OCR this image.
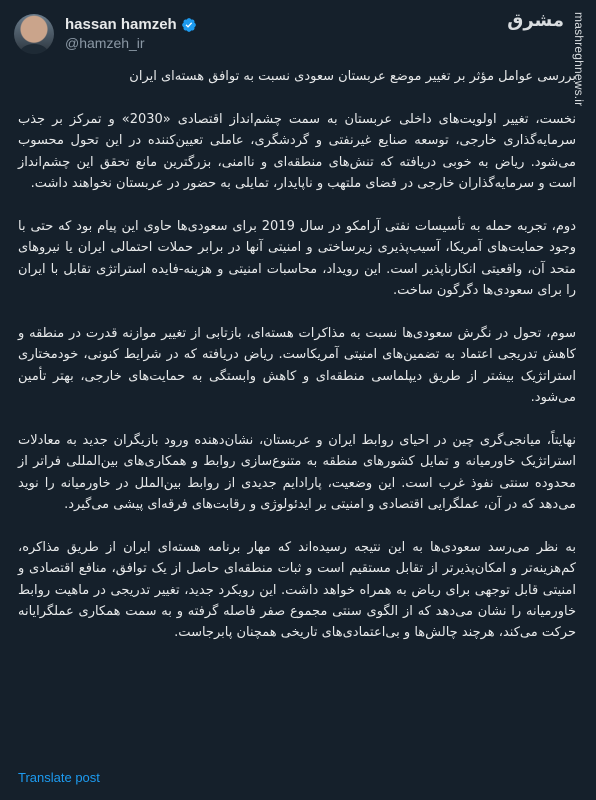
hassan hamzeh
@hamzeh_ir
مشرق mashreghnews.ir

بررسی عوامل مؤثر بر تغییر موضع عربستان سعودی نسبت به توافق هسته‌ای ایران

نخست، تغییر اولویت‌های داخلی عربستان به سمت چشم‌انداز اقتصادی «2030» و تمرکز بر جذب سرمایه‌گذاری خارجی، توسعه صنایع غیرنفتی و گردشگری، عاملی تعیین‌کننده در این تحول محسوب می‌شود. ریاض به خوبی دریافته که تنش‌های منطقه‌ای و ناامنی، بزرگترین مانع تحقق این چشم‌انداز است و سرمایه‌گذاران خارجی در فضای ملتهب و ناپایدار، تمایلی به حضور در عربستان نخواهند داشت.

دوم، تجربه حمله به تأسیسات نفتی آرامکو در سال 2019 برای سعودی‌ها حاوی این پیام بود که حتی با وجود حمایت‌های آمریکا، آسیب‌پذیری زیرساختی و امنیتی آنها در برابر حملات احتمالی ایران یا نیروهای متحد آن، واقعیتی انکارناپذیر است. این رویداد، محاسبات امنیتی و هزینه-فایده استراتژی تقابل با ایران را برای سعودی‌ها دگرگون ساخت.

سوم، تحول در نگرش سعودی‌ها نسبت به مذاکرات هسته‌ای، بازتابی از تغییر موازنه قدرت در منطقه و کاهش تدریجی اعتماد به تضمین‌های امنیتی آمریکاست. ریاض دریافته که در شرایط کنونی، خودمختاری استراتژیک بیشتر از طریق دیپلماسی منطقه‌ای و کاهش وابستگی به حمایت‌های خارجی، بهتر تأمین می‌شود.

نهایتاً، میانجی‌گری چین در احیای روابط ایران و عربستان، نشان‌دهنده ورود بازیگران جدید به معادلات استراتژیک خاورمیانه و تمایل کشورهای منطقه به متنوع‌سازی روابط و همکاری‌های بین‌المللی فراتر از محدوده سنتی نفوذ غرب است. این وضعیت، پارادایم جدیدی از روابط بین‌الملل در خاورمیانه را نوید می‌دهد که در آن، عملگرایی اقتصادی و امنیتی بر ایدئولوژی و رقابت‌های فرقه‌ای پیشی می‌گیرد.

به نظر می‌رسد سعودی‌ها به این نتیجه رسیده‌اند که مهار برنامه هسته‌ای ایران از طریق مذاکره، کم‌هزینه‌تر و امکان‌پذیرتر از تقابل مستقیم است و ثبات منطقه‌ای حاصل از یک توافق، منافع اقتصادی و امنیتی قابل توجهی برای ریاض به همراه خواهد داشت. این رویکرد جدید، تغییر تدریجی در ماهیت روابط خاورمیانه را نشان می‌دهد که از الگوی سنتی مجموع صفر فاصله گرفته و به سمت همکاری عملگرایانه حرکت می‌کند، هرچند چالش‌ها و بی‌اعتمادی‌های تاریخی همچنان پابرجاست.

Translate post
